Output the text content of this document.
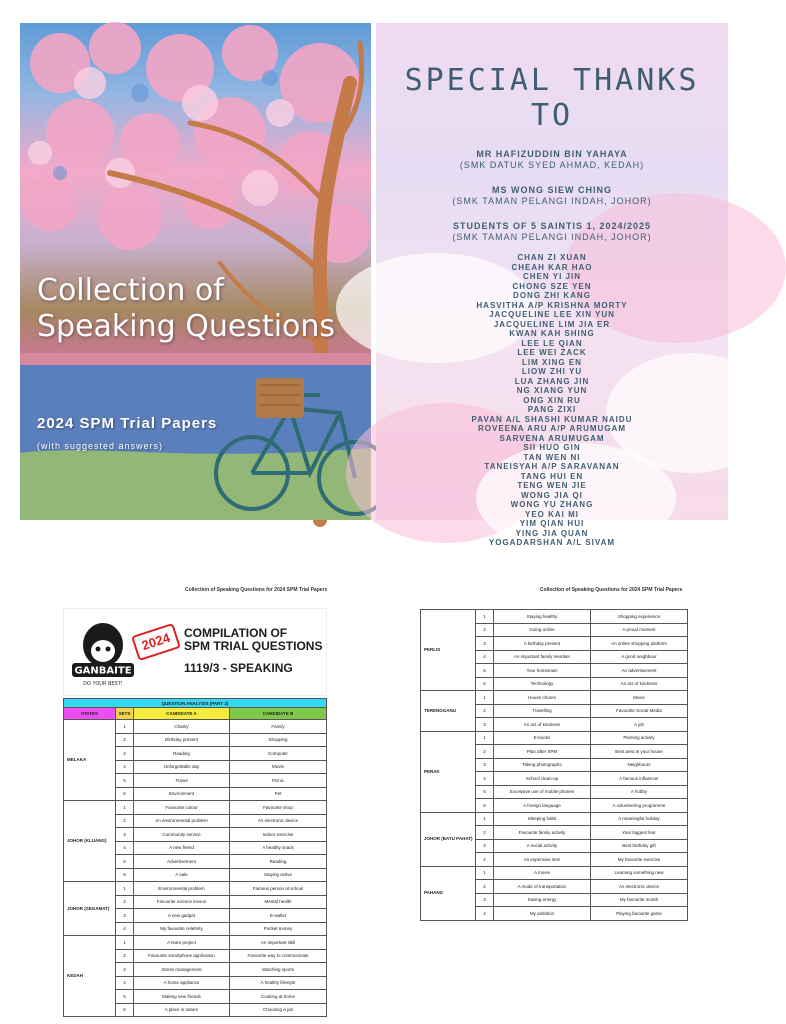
Collection of
Speaking Questions
2024 SPM Trial Papers
(with suggested answers)
SPECIAL THANKS TO
MR HAFIZUDDIN BIN YAHAYA
(SMK DATUK SYED AHMAD, KEDAH)
MS WONG SIEW CHING
(SMK TAMAN PELANGI INDAH, JOHOR)
STUDENTS OF 5 SAINTIS 1, 2024/2025
(SMK TAMAN PELANGI INDAH, JOHOR)
CHAN ZI XUAN
CHEAH KAR HAO
CHEN YI JIN
CHONG SZE YEN
DONG ZHI KANG
HASVITHA A/P KRISHNA MORTY
JACQUELINE LEE XIN YUN
JACQUELINE LIM JIA ER
KWAN KAH SHING
LEE LE QIAN
LEE WEI ZACK
LIM XING EN
LIOW ZHI YU
LUA ZHANG JIN
NG XIANG YUN
ONG XIN RU
PANG ZIXI
PAVAN A/L SHASHI KUMAR NAIDU
ROVEENA ARU A/P ARUMUGAM
SARVENA ARUMUGAM
SII HUO GIN
TAN WEN NI
TANEISYAH A/P SARAVANAN
TANG HUI EN
TENG WEN JIE
WONG JIA QI
WONG YU ZHANG
YEO KAI MI
YIM QIAN HUI
YING JIA QUAN
YOGADARSHAN A/L SIVAM
Collection of Speaking Questions for 2024 SPM Trial Papers
GANBAITE
DO YOUR BEST!
2024	COMPILATION OF
SPM TRIAL QUESTIONS
1119/3 - SPEAKING
QUESTION ANALYSIS (PART 2)			
STATES	SETS	CANDIDATE A	CANDIDATE B
MELAKA	1	Charity	Family
	2	Birthday present	Shopping
	3	Reading	Computer
	4	Unforgettable day	Movie
	5	Travel	Picnic
	6	Environment	Pet
JOHOR (KLUANG)	1	Favourite colour	Favourite shop
	2	An environmental problem	An electronic device
	3	Community service	Indoor exercise
	4	A new friend	A healthy snack
	5	Advertisement	Reading
	6	A sale	Staying active
JOHOR (SEGAMAT)	1	Environmental problem	Famous person at school
	2	Favourite science lesson	Mental health
	3	A new gadget	E-wallet
	4	My favourite celebrity	Pocket money
KEDAH	1	A team project	An important skill
	2	Favourite smartphone application	Favourite way to communicate
	3	Stress management	Watching sports
	4	A home appliance	A healthy lifestyle
	5	Making new friends	Cooking at home
	6	A place in nature	Choosing a job
Collection of Speaking Questions for 2024 SPM Trial Papers
PERLIS	1	Staying healthy	Shopping experience
	2	Going online	A proud moment
	3	A birthday present	An online shopping platform
	4	An important family member	A good neighbour
	5	Your hometown	An advertisement
	6	Technology	An act of kindness
TERENGGANU	1	House chores	Music
	2	Travelling	Favourite Social Media
	3	An act of kindness	A job
PERAK	1	E-books	Planting activity
	2	Plan after SPM	Best area in your house
	3	Taking photographs	Neighbours
	4	School clean-up	A famous influencer
	5	Excessive use of mobile phones	A hobby
	6	A foreign language	A volunteering programme
JOHOR (BATU PAHAT)	1	Sleeping habit	A meaningful holiday
	2	Favourite family activity	Your biggest fear
	3	A social activity	Best birthday gift
	4	An expensive item	My favourite exercise
PAHANG	1	A movie	Learning something new
	2	A mode of transportation	An electronic device
	3	Saving energy	My favourite month
	4	My ambition	Playing favourite game
